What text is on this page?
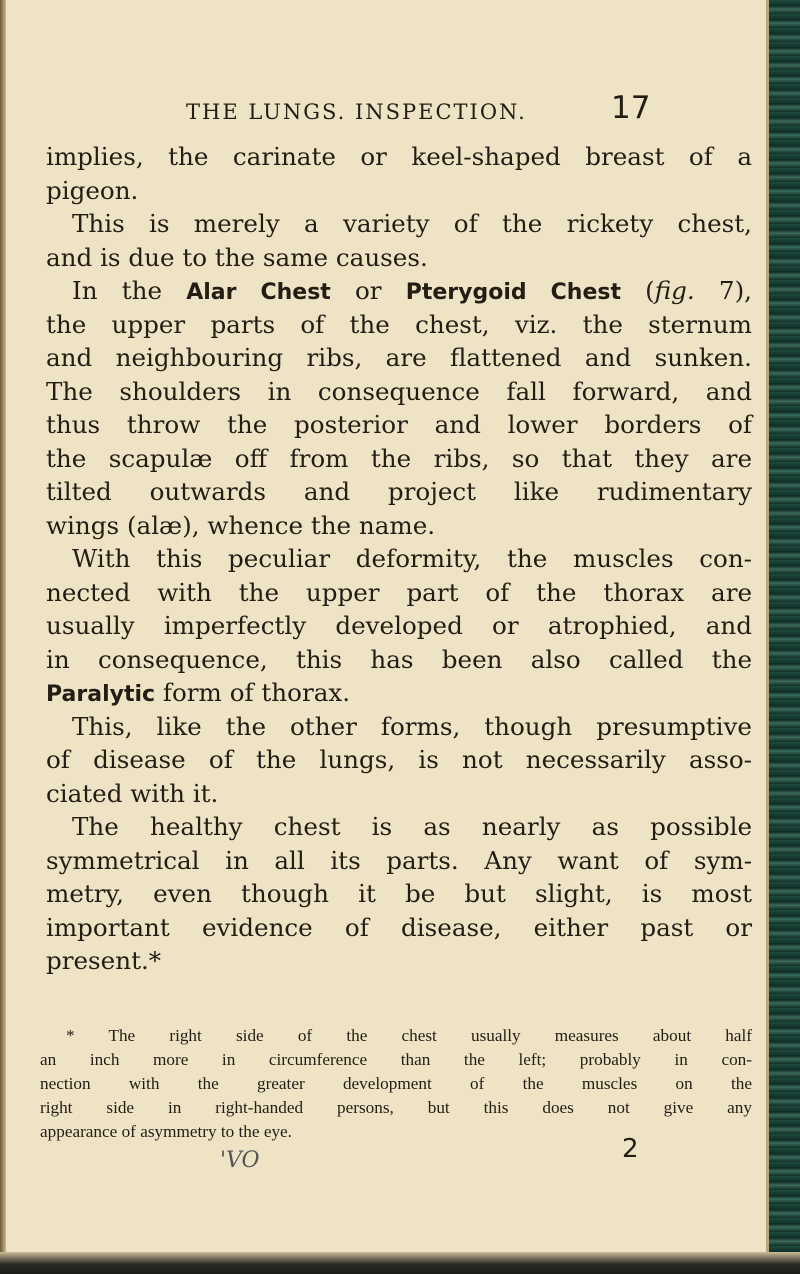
THE LUNGS. INSPECTION.	17
implies, the carinate or keel-shaped breast of a
pigeon.
This is merely a variety of the rickety chest,
and is due to the same causes.
In the Alar Chest or Pterygoid Chest (fig. 7),
the upper parts of the chest, viz. the sternum
and neighbouring ribs, are flattened and sunken.
The shoulders in consequence fall forward, and
thus throw the posterior and lower borders of
the scapulæ off from the ribs, so that they are
tilted outwards and project like rudimentary
wings (alæ), whence the name.
With this peculiar deformity, the muscles con-
nected with the upper part of the thorax are
usually imperfectly developed or atrophied, and
in consequence, this has been also called the
Paralytic form of thorax.
This, like the other forms, though presumptive
of disease of the lungs, is not necessarily asso-
ciated with it.
The healthy chest is as nearly as possible
symmetrical in all its parts. Any want of sym-
metry, even though it be but slight, is most
important evidence of disease, either past or
present.*
* The right side of the chest usually measures about half
an inch more in circumference than the left; probably in con-
nection with the greater development of the muscles on the
right side in right-handed persons, but this does not give any
appearance of asymmetry to the eye.
'VO	2
